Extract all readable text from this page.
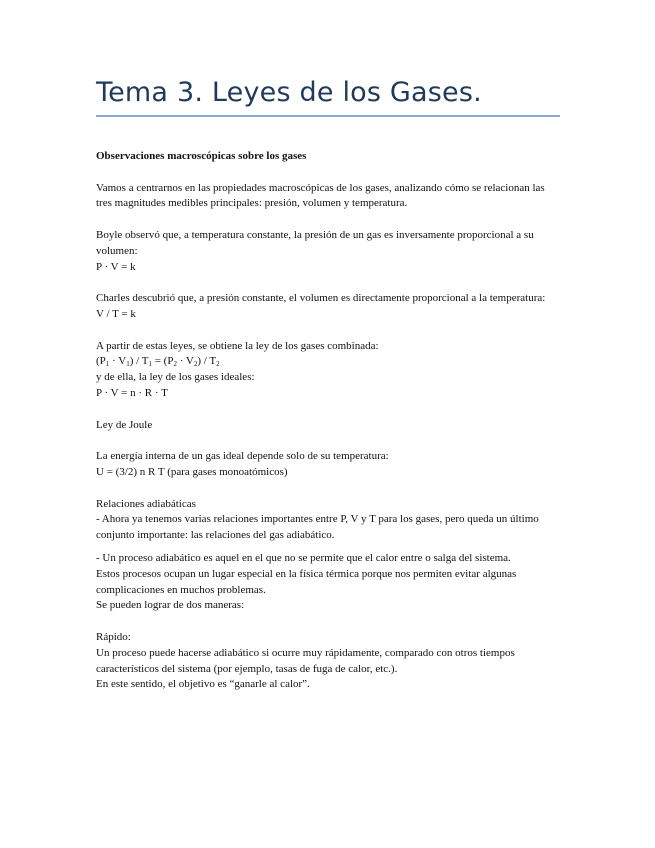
Tema 3. Leyes de los Gases.

Observaciones macroscópicas sobre los gases

Vamos a centrarnos en las propiedades macroscópicas de los gases, analizando cómo se relacionan las tres magnitudes medibles principales: presión, volumen y temperatura.

Boyle observó que, a temperatura constante, la presión de un gas es inversamente proporcional a su volumen:

P · V = k

Charles descubrió que, a presión constante, el volumen es directamente proporcional a la temperatura:

V / T = k

A partir de estas leyes, se obtiene la ley de los gases combinada:

$(P_1 \cdot V_1) / T_1 = (P_2 \cdot V_2) / T_2$

y de ella, la ley de los gases ideales:

P · V = n · R · T

Ley de Joule

La energía interna de un gas ideal depende solo de su temperatura:

U = (3/2) n R T (para gases monoatómicos)

Relaciones adiabáticas

- Ahora ya tenemos varias relaciones importantes entre P, V y T para los gases, pero queda un último conjunto importante: las relaciones del gas adiabático.

- Un proceso adiabático es aquel en el que no se permite que el calor entre o salga del sistema.

Estos procesos ocupan un lugar especial en la física térmica porque nos permiten evitar algunas complicaciones en muchos problemas.

Se pueden lograr de dos maneras:

Rápido:

Un proceso puede hacerse adiabático si ocurre muy rápidamente, comparado con otros tiempos característicos del sistema (por ejemplo, tasas de fuga de calor, etc.).

En este sentido, el objetivo es “ganarle al calor”.
